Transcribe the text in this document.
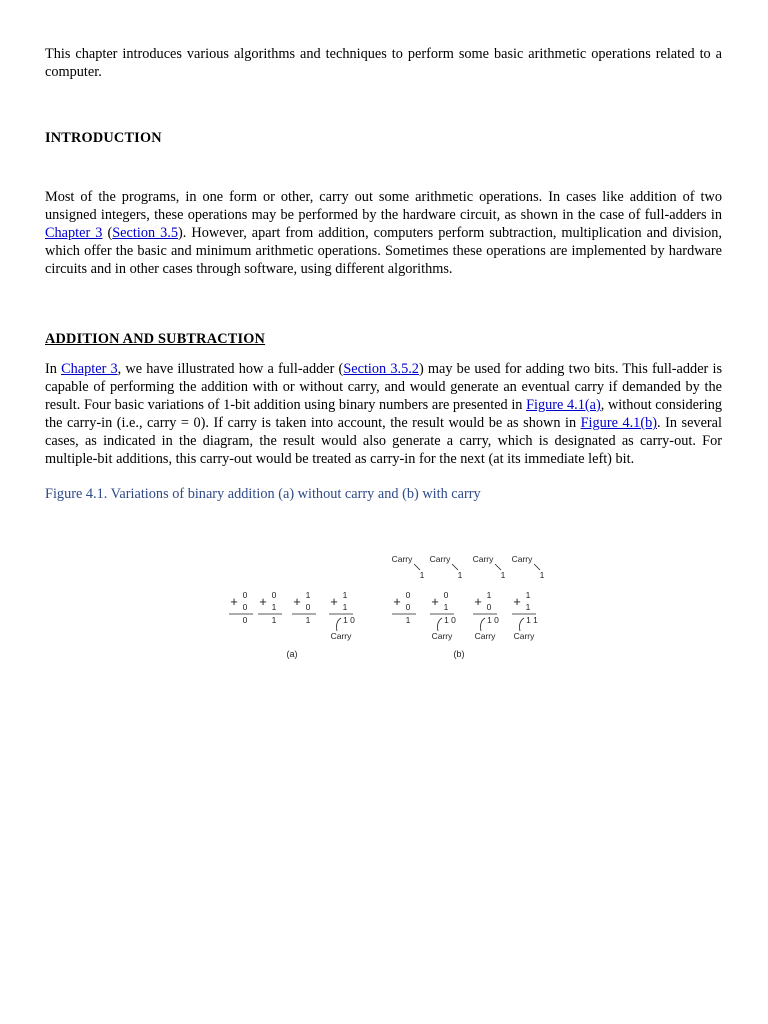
This chapter introduces various algorithms and techniques to perform some basic arithmetic operations related to a computer.

INTRODUCTION

Most of the programs, in one form or other, carry out some arithmetic operations. In cases like addition of two unsigned integers, these operations may be performed by the hardware circuit, as shown in the case of full-adders in Chapter 3 (Section 3.5). However, apart from addition, computers perform subtraction, multiplication and division, which offer the basic and minimum arithmetic operations. Sometimes these operations are implemented by hardware circuits and in other cases through software, using different algorithms.

ADDITION AND SUBTRACTION

In Chapter 3, we have illustrated how a full-adder (Section 3.5.2) may be used for adding two bits. This full-adder is capable of performing the addition with or without carry, and would generate an eventual carry if demanded by the result. Four basic variations of 1-bit addition using binary numbers are presented in Figure 4.1(a), without considering the carry-in (i.e., carry = 0). If carry is taken into account, the result would be as shown in Figure 4.1(b). In several cases, as indicated in the diagram, the result would also generate a carry, which is designated as carry-out. For multiple-bit additions, this carry-out would be treated as carry-in for the next (at its immediate left) bit.

Figure 4.1. Variations of binary addition (a) without carry and (b) with carry
+ 0
0
0
+ 0
1
1
+ 1
0
1
+ 1
1
1 0
Carry
Carry
1
+ 0
0
1
Carry
1
+ 0
1
1 0
Carry
Carry
1
+ 1
0
1 0
Carry
Carry
1
+ 1
1
1 1
Carry
(a)	(b)
